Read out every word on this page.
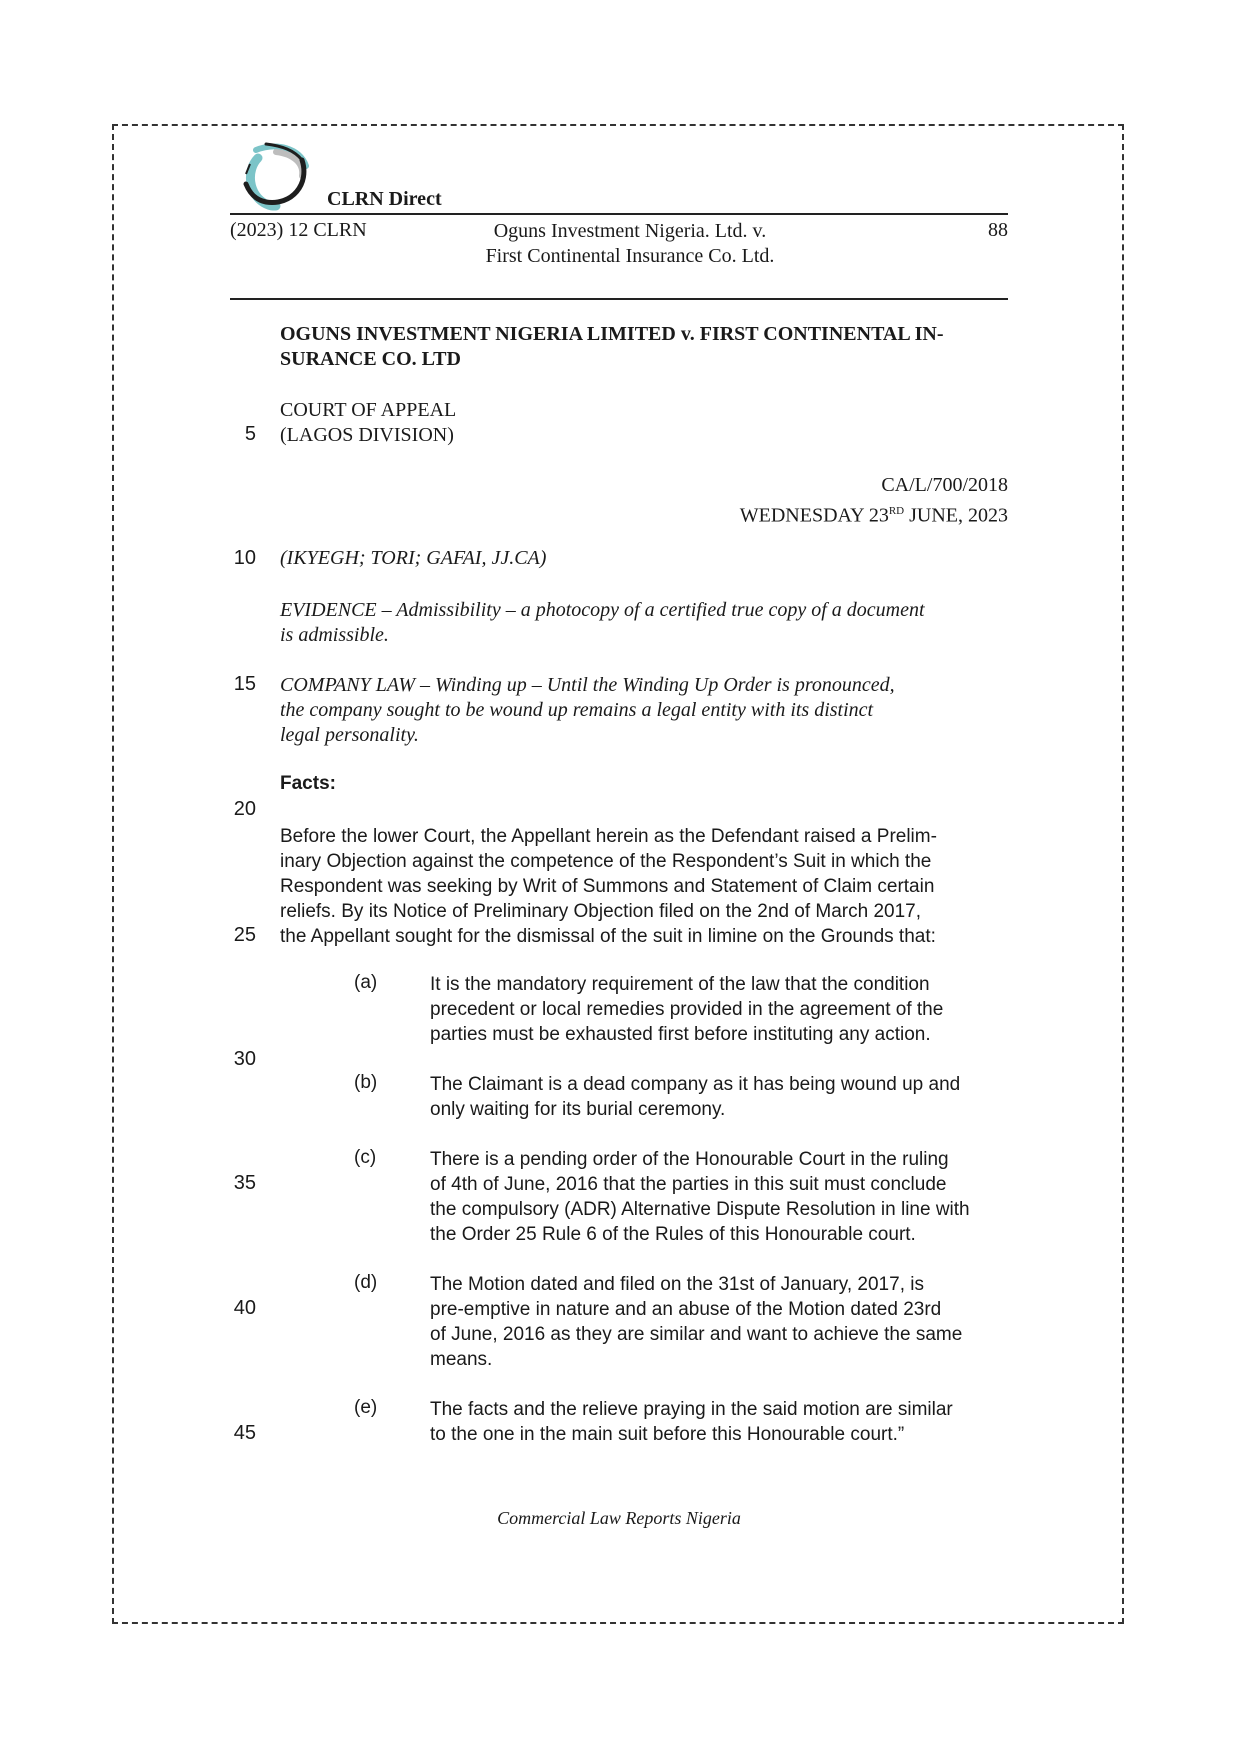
CLRN Direct
(2023) 12 CLRN	Oguns Investment Nigeria. Ltd. v.
First Continental Insurance Co. Ltd.
88
OGUNS INVESTMENT NIGERIA LIMITED v. FIRST CONTINENTAL IN-
SURANCE CO. LTD
COURT OF APPEAL
(LAGOS DIVISION)
CA/L/700/2018
WEDNESDAY 23RD JUNE, 2023
(IKYEGH; TORI; GAFAI, JJ.CA)
EVIDENCE – Admissibility – a photocopy of a certified true copy of a document
is admissible.
COMPANY LAW – Winding up – Until the Winding Up Order is pronounced,
the company sought to be wound up remains a legal entity with its distinct
legal personality.
Facts:
Before the lower Court, the Appellant herein as the Defendant raised a Prelim-
inary Objection against the competence of the Respondent’s Suit in which the
Respondent was seeking by Writ of Summons and Statement of Claim certain
reliefs. By its Notice of Preliminary Objection filed on the 2nd of March 2017,
the Appellant sought for the dismissal of the suit in limine on the Grounds that:
(a)	It is the mandatory requirement of the law that the condition
precedent or local remedies provided in the agreement of the
parties must be exhausted first before instituting any action.
(b)	The Claimant is a dead company as it has being wound up and
only waiting for its burial ceremony.
(c)	There is a pending order of the Honourable Court in the ruling
of 4th of June, 2016 that the parties in this suit must conclude
the compulsory (ADR) Alternative Dispute Resolution in line with
the Order 25 Rule 6 of the Rules of this Honourable court.
(d)	The Motion dated and filed on the 31st of January, 2017, is
pre-emptive in nature and an abuse of the Motion dated 23rd
of June, 2016 as they are similar and want to achieve the same
means.
(e)	The facts and the relieve praying in the said motion are similar
to the one in the main suit before this Honourable court.”
5
10
15
20
25
30
35
40
45
Commercial Law Reports Nigeria
